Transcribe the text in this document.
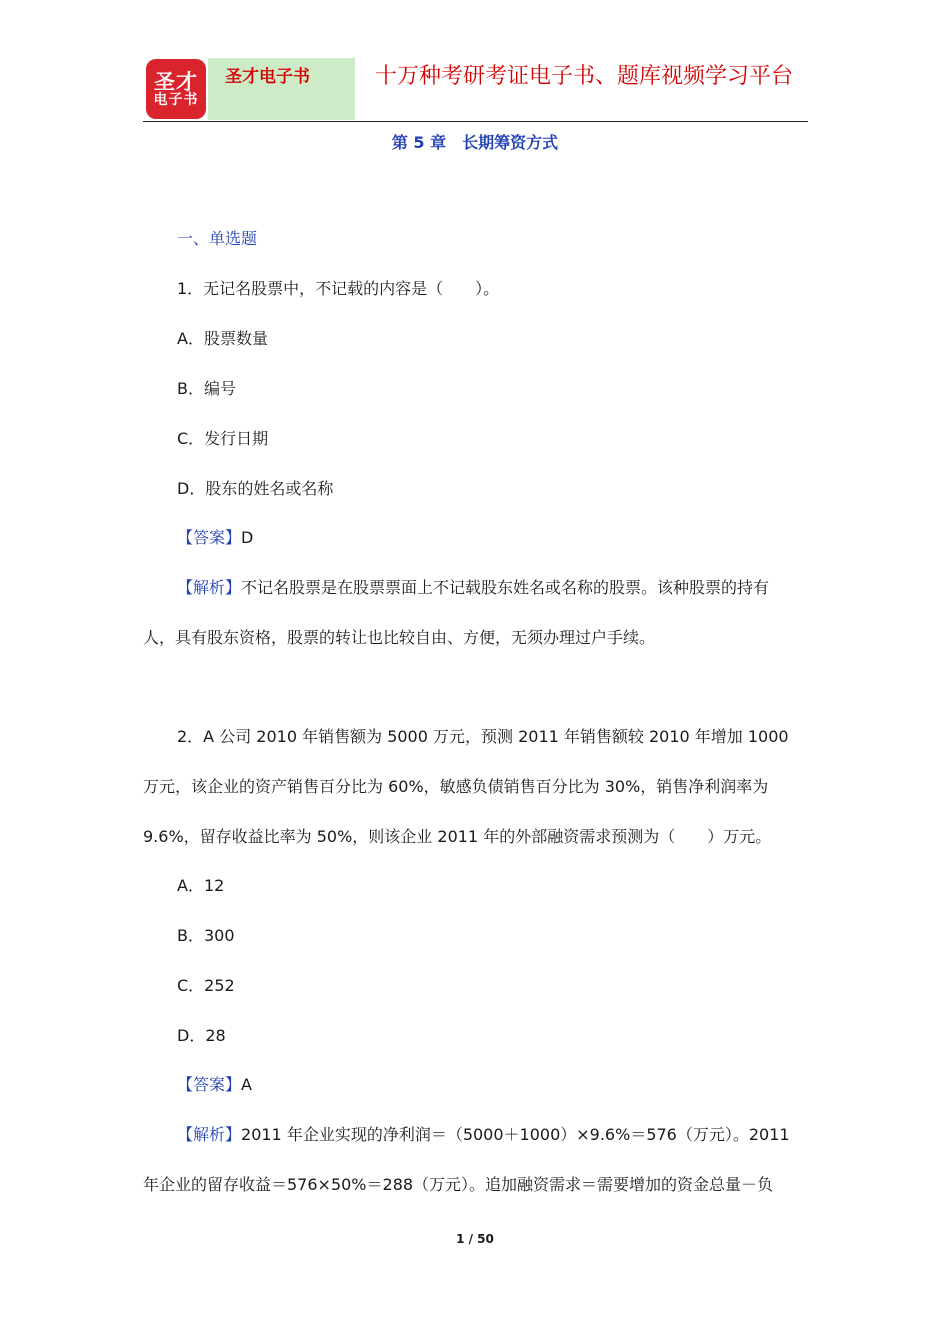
圣才
电子书
圣才电子书	十万种考研考证电子书、题库视频学习平台
第 5 章　长期筹资方式
一、单选题
1．无记名股票中，不记载的内容是（　　）。
A．股票数量
B．编号
C．发行日期
D．股东的姓名或名称
【答案】D
【解析】不记名股票是在股票票面上不记载股东姓名或名称的股票。该种股票的持有
人，具有股东资格，股票的转让也比较自由、方便，无须办理过户手续。
2．A 公司 2010 年销售额为 5000 万元，预测 2011 年销售额较 2010 年增加 1000
万元，该企业的资产销售百分比为 60%，敏感负债销售百分比为 30%，销售净利润率为
9.6%，留存收益比率为 50%，则该企业 2011 年的外部融资需求预测为（　　）万元。
A．12
B．300
C．252
D．28
【答案】A
【解析】2011 年企业实现的净利润＝（5000＋1000）×9.6%＝576（万元）。2011
年企业的留存收益＝576×50%＝288（万元）。追加融资需求＝需要增加的资金总量－负
1 / 50
